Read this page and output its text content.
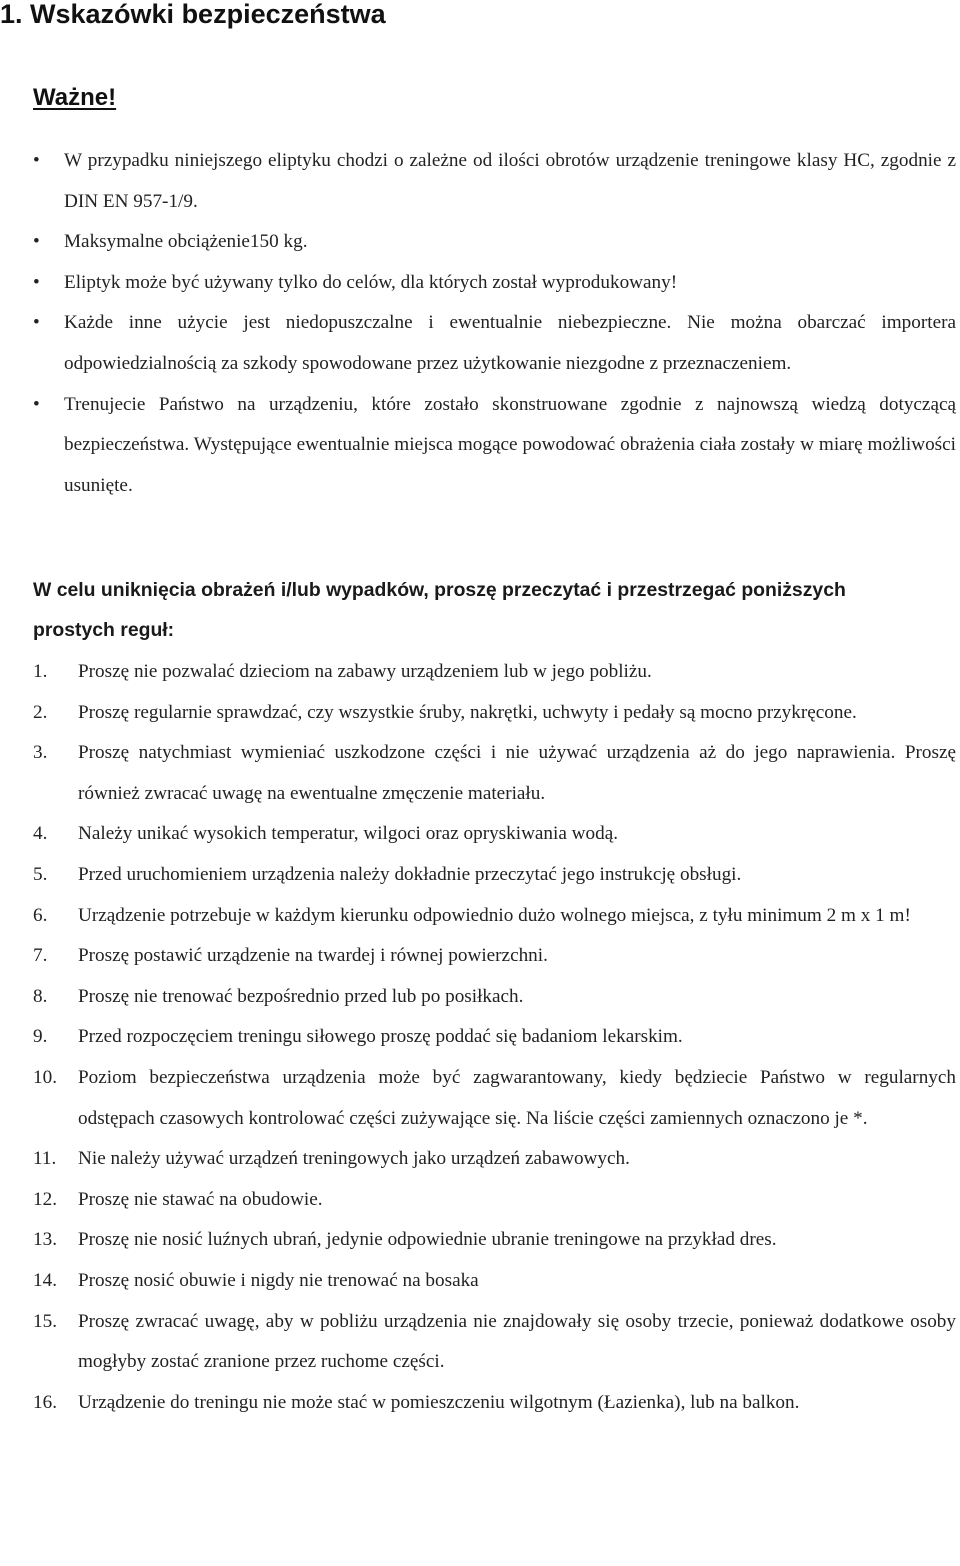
1. Wskazówki bezpieczeństwa
Ważne!
•	W przypadku niniejszego eliptyku chodzi o zależne od ilości obrotów urządzenie treningowe klasy HC, zgodnie z DIN EN 957-1/9.
•	Maksymalne obciążenie150 kg.
•	Eliptyk może być używany tylko do celów, dla których został wyprodukowany!
•	Każde inne użycie jest niedopuszczalne i ewentualnie niebezpieczne. Nie można obarczać importera odpowiedzialnością za szkody spowodowane przez użytkowanie niezgodne z przeznaczeniem.
•	Trenujecie Państwo na urządzeniu, które zostało skonstruowane zgodnie z najnowszą wiedzą dotyczącą bezpieczeństwa. Występujące ewentualnie miejsca mogące powodować obrażenia ciała zostały w miarę możliwości usunięte.

W celu uniknięcia obrażeń i/lub wypadków, proszę przeczytać i przestrzegać poniższych prostych reguł:

1.	Proszę nie pozwalać dzieciom na zabawy urządzeniem lub w jego pobliżu.
2.	Proszę regularnie sprawdzać, czy wszystkie śruby, nakrętki, uchwyty i pedały są mocno przykręcone.
3.	Proszę natychmiast wymieniać uszkodzone części i nie używać urządzenia aż do jego naprawienia. Proszę również zwracać uwagę na ewentualne zmęczenie materiału.
4.	Należy unikać wysokich temperatur, wilgoci oraz opryskiwania wodą.
5.	Przed uruchomieniem urządzenia należy dokładnie przeczytać jego instrukcję obsługi.
6.	Urządzenie potrzebuje w każdym kierunku odpowiednio dużo wolnego miejsca, z tyłu minimum 2 m x 1 m!
7.	Proszę postawić urządzenie na twardej i równej powierzchni.
8.	Proszę nie trenować bezpośrednio przed lub po posiłkach.
9.	Przed rozpoczęciem treningu siłowego proszę poddać się badaniom lekarskim.
10.	Poziom bezpieczeństwa urządzenia może być zagwarantowany, kiedy będziecie Państwo w regularnych odstępach czasowych kontrolować części zużywające się. Na liście części zamiennych oznaczono je *.
11.	Nie należy używać urządzeń treningowych jako urządzeń zabawowych.
12.	Proszę nie stawać na obudowie.
13.	Proszę nie nosić luźnych ubrań, jedynie odpowiednie ubranie treningowe na przykład dres.
14.	Proszę nosić obuwie i nigdy nie trenować na bosaka
15.	Proszę zwracać uwagę, aby w pobliżu urządzenia nie znajdowały się osoby trzecie, ponieważ dodatkowe osoby mogłyby zostać zranione przez ruchome części.
16.	Urządzenie do treningu nie może stać w pomieszczeniu wilgotnym (Łazienka), lub na balkon.
